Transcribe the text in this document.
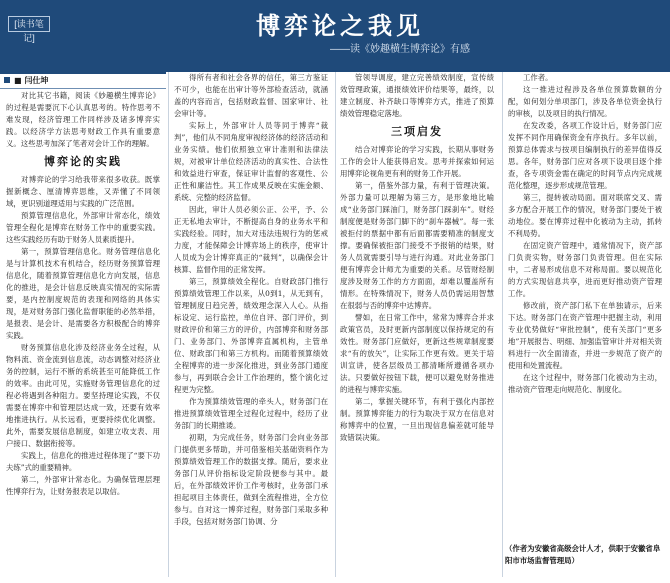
[读书笔记]	博弈论之我见
——读《妙趣横生博弈论》有感
■ 闫仕坤

对比其它书籍，阅读《妙趣横生博弈论》的过程是需要沉下心认真思考的。特作思考不难发现，经济管理工作同样涉及诸多博弈实践。以经济学方法思考财政工作具有重要意义。这些思考加深了笔者对会计工作的理解。

博弈论的实践

对博弈论的学习给我带来很多收获。既掌握新概念、厘清博弈思维，又弄懂了不同领域，更识别道理适用与实践的广泛范围。

预算管理信息化，外部审计常态化，绩效管理全程化是博弈在财务工作中的重要实践。这些实践经历有助于财务人员素质提升。

第一，预算管理信息化。财务管理信息化是与计算机技术有机结合，经历财务预算管理信息化，随着预算管理信息化方向发展，信息化的推进，是会计信息反映真实情况的实际需要，是内控制度规范的表现和网络的具体实现，是对财务部门强化监督职能的必然举措，是报表、是会计、是需要各方积极配合的博弈实践。

财务预算信息化涉及经济业务全过程，从物料流、资金流到信息流，动态调整对经济业务的控制，运行不断的系统甚至可能降低工作的效率。由此可见，实施财务管理信息化的过程必将遇到各种阻力。要坚持理论实践，不仅需要在博弈中和管理层达成一致，还要有效率地推进执行。从长远看，更要持续优化调整。此外，需要发展信息制度，如建立收支表、用户接口、数据衔接等。

实践上，信息化的推进过程体现了“要下功夫练”式的重要精神。

第二，外部审计常态化。为确保管理层理性博弈行为，让财务报表足以取信。

得所有者和社会各界的信任，第三方鉴证不可少，也能在出审计等外部检查活动，就涵盖的内容而言，包括财政监督、国家审计、社会审计等。

实际上，外部审计人员等同于博弈“裁判”，他们从不同角度审视经济体的经济活动和业务实绩。他们依照独立审计准则和法律法规，对被审计单位经济活动的真实性、合法性和效益进行审查，保证审计监督的客观性、公正性和廉洁性。其工作成果反映在实施金额、系统、完整的经济监督。

因此，审计人员必须公正、公平，予、公正无私地去审计，不断提高自身的业务水平和实践经验。同时，加大对违法违规行为的惩戒力度，才能保障会计博弈场上的秩序，使审计人员成为会计博弈真正的“裁判”，以确保会计核算、监督作用的正常发挥。

第三，预算绩效全程化。自财政部门推行预算绩效管理工作以来，从0到1，从无到有，管理制度日趋完善，绩效理念深入人心。从指标设定、运行监控，单位自评、部门评价，到财政评价和第三方的评价，内部博弈和财务部门、业务部门、外部博弈直属机构，主管单位、财政部门和第三方机构。而随着预算绩效全程博弈的进一步深化推进，到业务部门通度参与，再到联合会计工作治理的，整个演化过程更为完整。

作为预算绩效管理的牵头人，财务部门在推进预算绩效管理全过程化过程中，经历了业务部门的长期推诿。

初期，为完成任务，财务部门会向业务部门提供更多帮助，并可借鉴相关基础资料作为预算绩效管理工作的数据支撑。随后，要求业务部门从评价指标设定阶段便参与其中。最后，在外部绩效评价工作考核时，业务部门承担起项目主体责任，做到全流程推进，全方位参与。自对这一博弈过程，财务部门采取多种手段，包括对财务部门协调、分

管领导调度，建立完善绩效制度，宣传绩效管理政策，通报绩效评价结果等，最终，以建立制度、补齐缺口等博弈方式，推进了预算绩效管理稳定落地。

三项启发

结合对博弈论的学习实践，长期从事财务工作的会计人能获得启发。思考并探索如何运用博弈论视角更有利的财务工作开展。

第一，借鉴外部力量，有利于管理决策。外部力量可以理解为第三方，是形象地比喻成“业务部门踩油门，财务部门踩刹车”。财经制度便是财务部门脚下的“刹车器械”。每一张被拒付的票据中都有后面都需要精准的制度支撑。要确保被拒部门接受不予报销的结果，财务人员就需要引导与进行沟通。对此业务部门便有博弈会计师尤为重要的关系。尽管财经制度涉及财务工作的方方面面，却难以覆盖所有情形。在特殊情况下，财务人员仍需运用智慧在很弱与否的博弈中达博弈。

譬如，在日常工作中，常常为博弈合并求政策官员，及时更新内部制度以保持规定的有效性。财务部门应做好，更新这些规章制度要求“有的放矢”，让实际工作更有效。更关于培训宣讲，使各层级员工都清晰所遵循各项办法。只要做好按钮下载，便可以避免财务推进的进程与博弈实施。

第二，掌握关键环节，有利于强化内部控制。预算博弈能力的行为取决于双方在信息对称博弈中的位置，一旦出现信息偏差就可能导致错误决策。

工作者。

这一推进过程涉及各单位预算数额的分配，如何划分单项部门，涉及各单位资金执行的审核，以及项目的执行情况。

在发改委，各项工作设计后，财务部门应发挥不同作用确保资金有序执行。多年以前，预算总体需求与按项目编制执行的差异值得反思。各年，财务部门应对各项下设项目逐个排查，各专项资金需在确定的时间节点内完成规范化整理，逐步形成规范管理。

第三，提转被动局面。面对联席交叉、需多方配合开展工作的情况，财务部门要处于被动地位。要在博弈过程中化被动为主动，抓转不利局势。

在固定资产管理中，通常情况下，资产部门负责实物，财务部门负责管理。但在实际中，二者易形成信息不对称局面。要以规范化的方式实现信息共享，进而更好推动资产管理工作。

修改前，资产部门私下在单独请示，后来下达。财务部门在资产管理中把握主动，利用专业优势做好“审批控制”，使有关部门“更多地”开展报告、明细、加强监管审计并对相关资料进行一次全面清查，并进一步规范了资产的使用和处置流程。

在这个过程中，财务部门化被动为主动，推动资产管理走向规范化、制度化。

（作者为安徽省高级会计人才，供职于安徽省阜阳市市场监督管理局）
